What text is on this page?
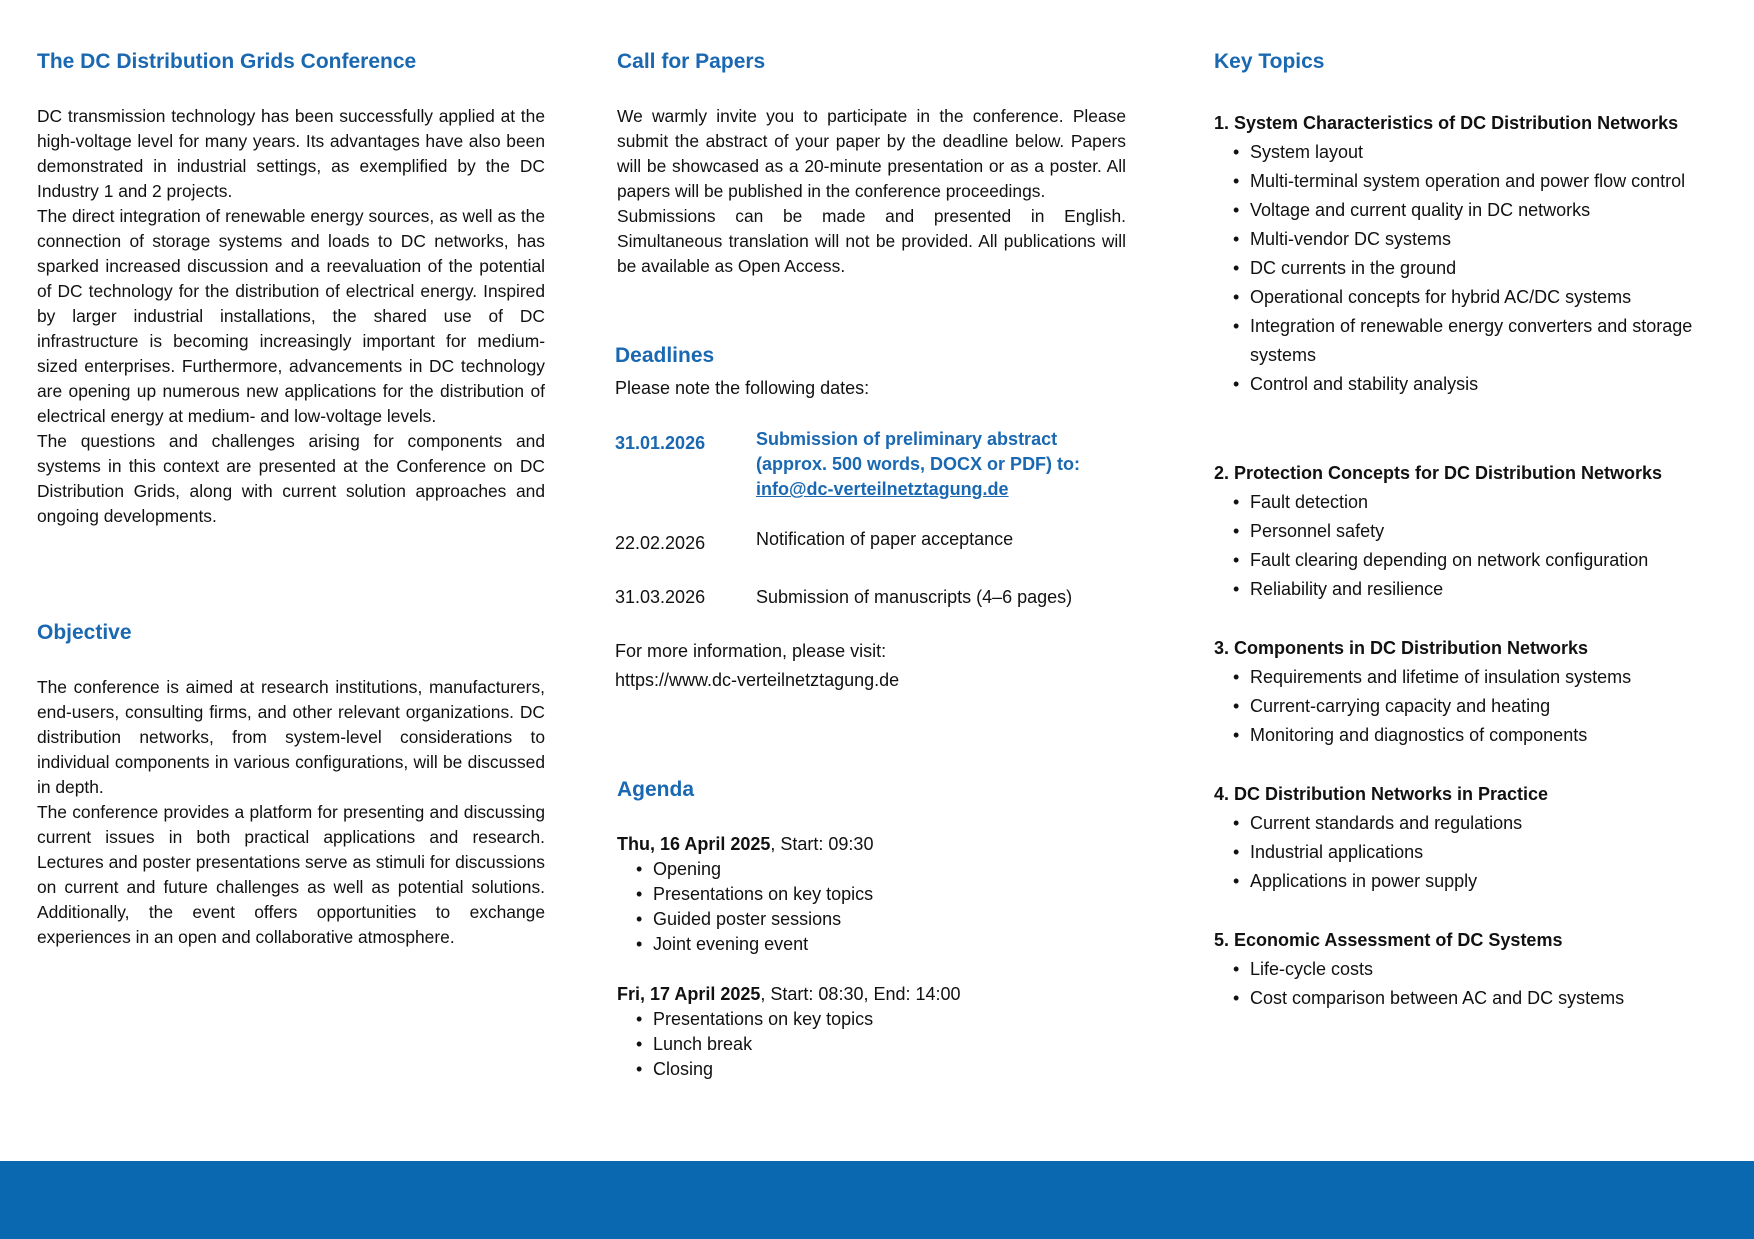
The DC Distribution Grids Conference

DC transmission technology has been successfully applied at the high-voltage level for many years. Its advantages have also been demonstrated in industrial settings, as exemplified by the DC Industry 1 and 2 projects.

The direct integration of renewable energy sources, as well as the connection of storage systems and loads to DC networks, has sparked increased discussion and a reevaluation of the potential of DC technology for the distribution of electrical energy. Inspired by larger industrial installations, the shared use of DC infrastructure is becoming increasingly important for medium-sized enterprises. Furthermore, advancements in DC technology are opening up numerous new applications for the distribution of electrical energy at medium- and low-voltage levels.

The questions and challenges arising for components and systems in this context are presented at the Conference on DC Distribution Grids, along with current solution approaches and ongoing developments.

Objective

The conference is aimed at research institutions, manufacturers, end-users, consulting firms, and other relevant organizations. DC distribution networks, from system-level considerations to individual components in various configurations, will be discussed in depth.

The conference provides a platform for presenting and discussing current issues in both practical applications and research. Lectures and poster presentations serve as stimuli for discussions on current and future challenges as well as potential solutions. Additionally, the event offers opportunities to exchange experiences in an open and collaborative atmosphere.

Call for Papers

We warmly invite you to participate in the conference. Please submit the abstract of your paper by the deadline below. Papers will be showcased as a 20-minute presentation or as a poster. All papers will be published in the conference proceedings.

Submissions can be made and presented in English. Simultaneous translation will not be provided. All publications will be available as Open Access.

Deadlines
Please note the following dates:
31.01.2026	Submission of preliminary abstract
(approx. 500 words, DOCX or PDF) to:
info@dc-verteilnetztagung.de
22.02.2026	Notification of paper acceptance
31.03.2026	Submission of manuscripts (4–6 pages)
For more information, please visit:
https://www.dc-verteilnetztagung.de
Agenda
Thu, 16 April 2025, Start: 09:30
• Opening
• Presentations on key topics
• Guided poster sessions
• Joint evening event
Fri, 17 April 2025, Start: 08:30, End: 14:00
• Presentations on key topics
• Lunch break
• Closing
Key Topics
1. System Characteristics of DC Distribution Networks
• System layout
• Multi-terminal system operation and power flow control
• Voltage and current quality in DC networks
• Multi-vendor DC systems
• DC currents in the ground
• Operational concepts for hybrid AC/DC systems
• Integration of renewable energy converters and storage systems
• Control and stability analysis
2. Protection Concepts for DC Distribution Networks
• Fault detection
• Personnel safety
• Fault clearing depending on network configuration
• Reliability and resilience
3. Components in DC Distribution Networks
• Requirements and lifetime of insulation systems
• Current-carrying capacity and heating
• Monitoring and diagnostics of components
4. DC Distribution Networks in Practice
• Current standards and regulations
• Industrial applications
• Applications in power supply
5. Economic Assessment of DC Systems
• Life-cycle costs
• Cost comparison between AC and DC systems
